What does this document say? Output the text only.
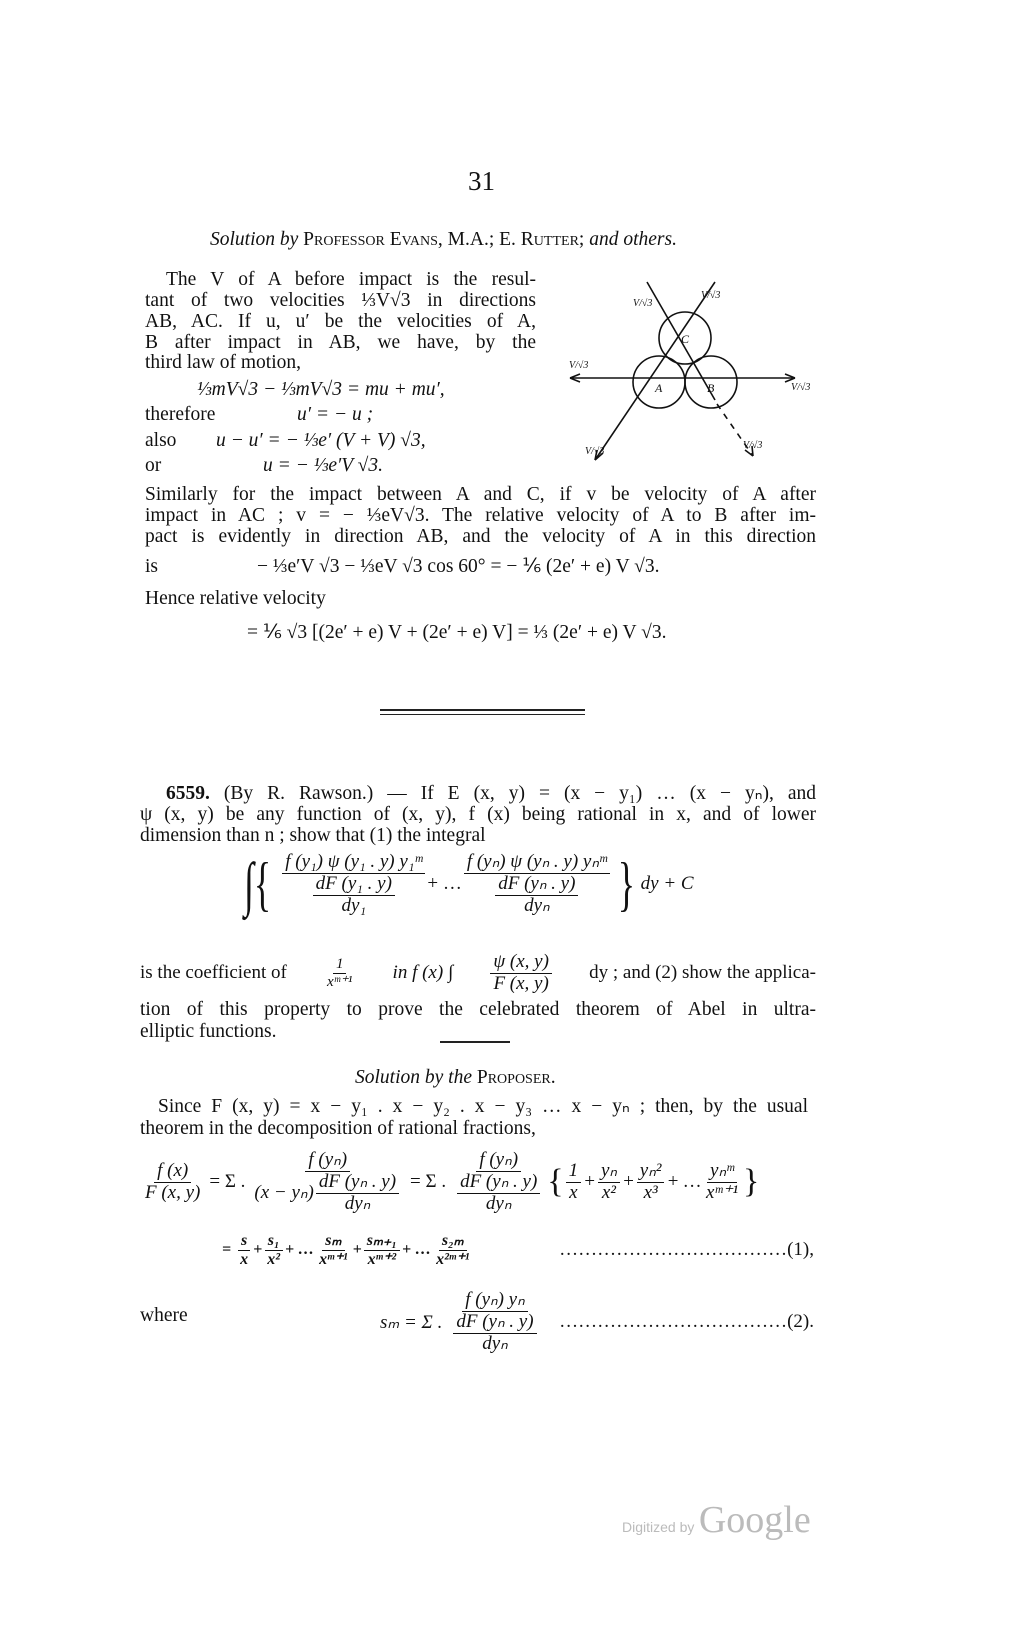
31
Solution by Professor Evans, M.A.; E. Rutter; and others.
The V of A before impact is the resul-
tant of two velocities ⅓V√3 in directions
AB, AC. If u, u′ be the velocities of A,
B after impact in AB, we have, by the
third law of motion,
⅓mV√3 − ⅓mV√3 = mu + mu′,
therefore	u′ = − u ;
also u − u′ = − ⅓e′ (V + V) √3,
or	u = − ⅓e′V √3.
A	B
C
V/√3
V/√3
V/√3
V/√3
V/√3
V/√3
Similarly for the impact between A and C, if v be velocity of A after
impact in AC ; v = − ⅓eV√3. The relative velocity of A to B after im-
pact is evidently in direction AB, and the velocity of A in this direction
is	− ⅓e′V √3 − ⅓eV √3 cos 60° = − ⅙ (2e′ + e) V √3.
Hence relative velocity
= ⅙ √3 [(2e′ + e) V + (2e′ + e) V] = ⅓ (2e′ + e) V √3.
6559. (By R. Rawson.) — If E (x, y) = (x − y₁) … (x − yₙ), and
ψ (x, y) be any function of (x, y), f (x) being rational in x, and of lower
dimension than n ; show that (1) the integral
∫{ $\frac{\text{f (y₁) ψ (y₁ . y) y₁ᵐ}}{\frac{\text{dF (y₁ . y)}}{\text{dy₁}}}$ + … $\frac{\text{f (yₙ) ψ (yₙ . y) yₙᵐ}}{\frac{\text{dF (yₙ . y)}}{\text{dyₙ}}}$ } dy + C
is the coefficient of $\frac{1}{\text{xᵐ⁺¹}}$ in f (x) ∫ $\frac{\psi (x, y)}{F (x, y)}$ dy ; and (2) show the applica-
tion of this property to prove the celebrated theorem of Abel in ultra-
elliptic functions.
Solution by the Proposer.
Since F (x, y) = x − y₁ . x − y₂ . x − y₃ … x − yₙ ; then, by the usual
theorem in the decomposition of rational fractions,
$\frac{f (x)}{F (x, y)} = \Sigma$ . $\frac{\text{f (yₙ)}}{(x - y_n) \frac{\text{dF (yₙ . y)}}{\text{dyₙ}}} = \Sigma$ . $\frac{\text{f (yₙ)}}{\frac{\text{dF (yₙ . y)}}{\text{dyₙ}}}$ { $\frac{1}{x} + \frac{\text{yₙ}}{\text{x²}} + \frac{\text{yₙ²}}{\text{x³}}$ + … $\frac{\text{yₙᵐ}}{\text{xᵐ⁺¹}}$ }
= $\frac{s}{x} + \frac{\text{s₁}}{\text{x²}}$ + … $\frac{\text{sₘ}}{\text{xᵐ⁺¹}} + \frac{\text{sₘ₊₁}}{\text{xᵐ⁺²}}$ + … $\frac{\text{s₂ₘ}}{\text{x²ᵐ⁺¹}}$	………………………………(1),
where	sₘ = Σ . $\frac{\text{f (yₙ) yₙ}}{\frac{\text{dF (yₙ . y)}}{\text{dyₙ}}}$ ………………………………(2).
Digitized by Google
